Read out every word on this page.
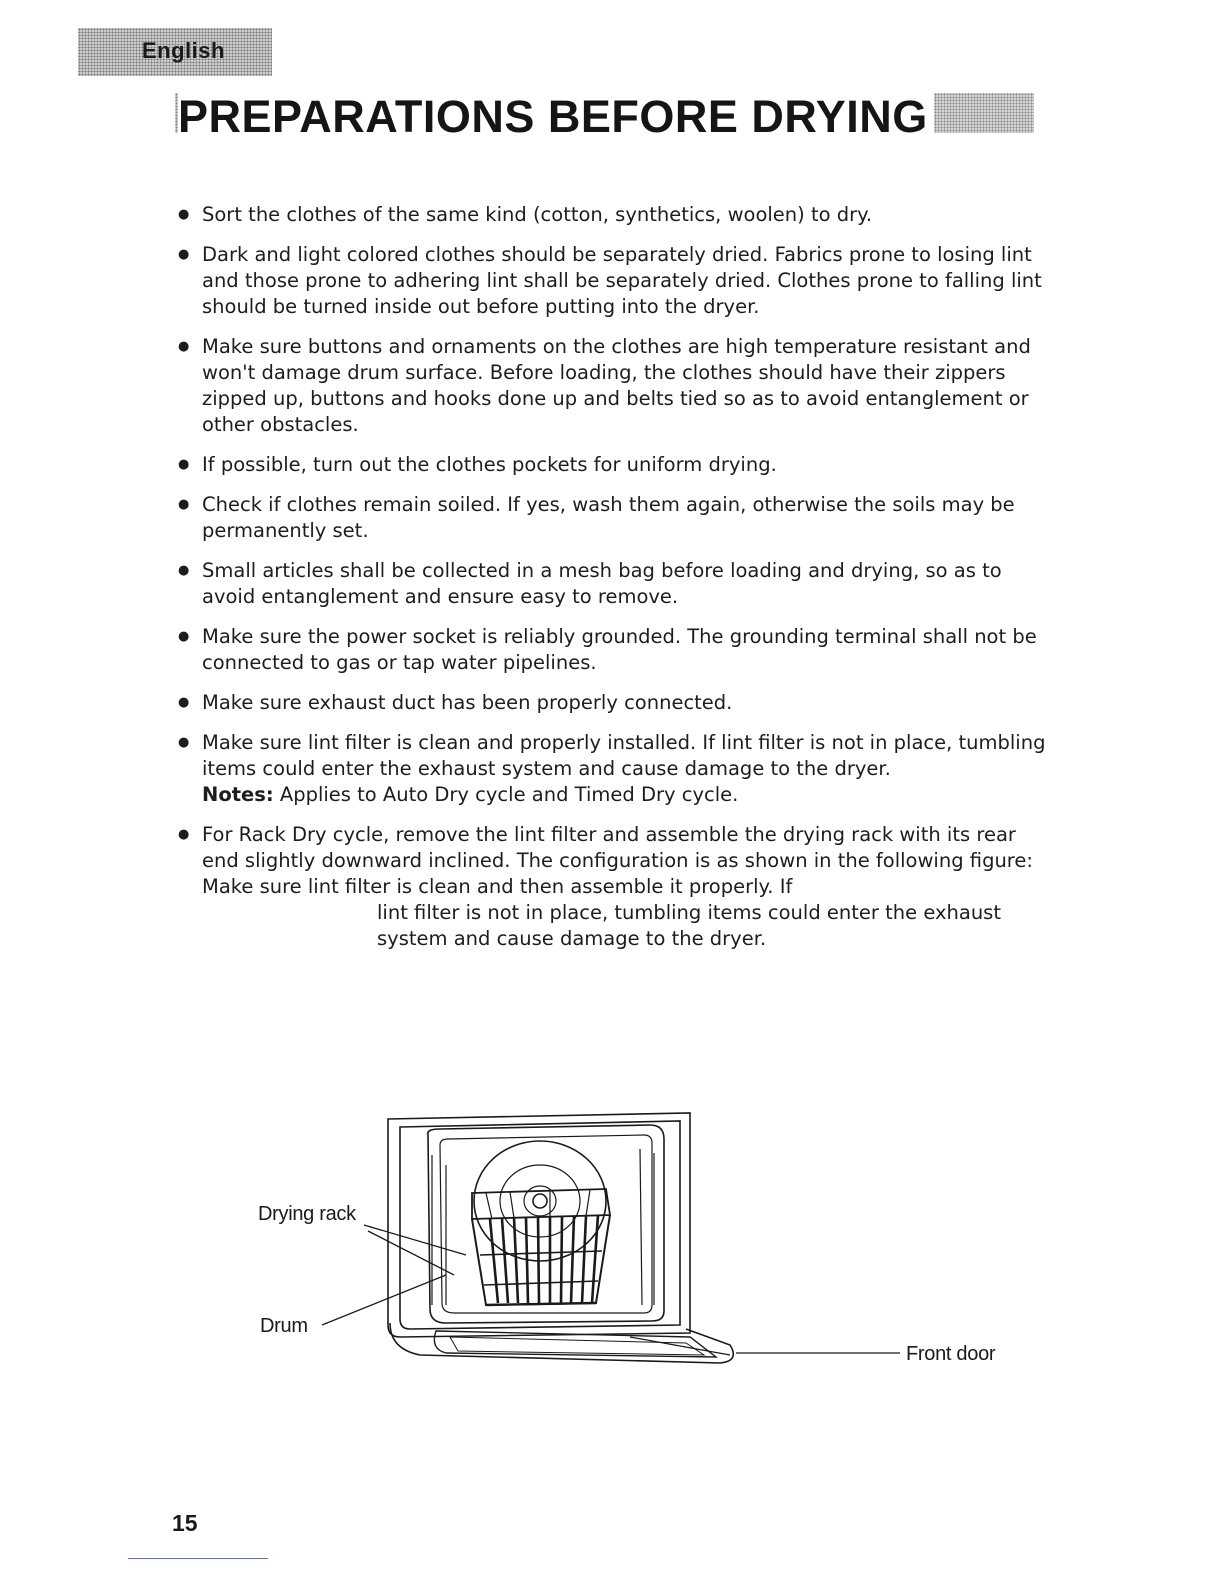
English
PREPARATIONS BEFORE DRYING
● Sort the clothes of the same kind (cotton, synthetics, woolen) to dry.
● Dark and light colored clothes should be separately dried. Fabrics prone to losing lint and those prone to adhering lint shall be separately dried. Clothes prone to falling lint should be turned inside out before putting into the dryer.
● Make sure buttons and ornaments on the clothes are high temperature resistant and won't damage drum surface. Before loading, the clothes should have their zippers zipped up, buttons and hooks done up and belts tied so as to avoid entanglement or other obstacles.
● If possible, turn out the clothes pockets for uniform drying.
● Check if clothes remain soiled. If yes, wash them again, otherwise the soils may be permanently set.
● Small articles shall be collected in a mesh bag before loading and drying, so as to avoid entanglement and ensure easy to remove.
● Make sure the power socket is reliably grounded. The grounding terminal shall not be connected to gas or tap water pipelines.
● Make sure exhaust duct has been properly connected.
● Make sure lint filter is clean and properly installed. If lint filter is not in place, tumbling items could enter the exhaust system and cause damage to the dryer.
Notes: Applies to Auto Dry cycle and Timed Dry cycle.
● For Rack Dry cycle, remove the lint filter and assemble the drying rack with its rear end slightly downward inclined. The configuration is as shown in the following figure: Make sure lint filter is clean and then assemble it properly. If
lint filter is not in place, tumbling items could enter the exhaust
system and cause damage to the dryer.
Drying rack
Drum
Front door
15
